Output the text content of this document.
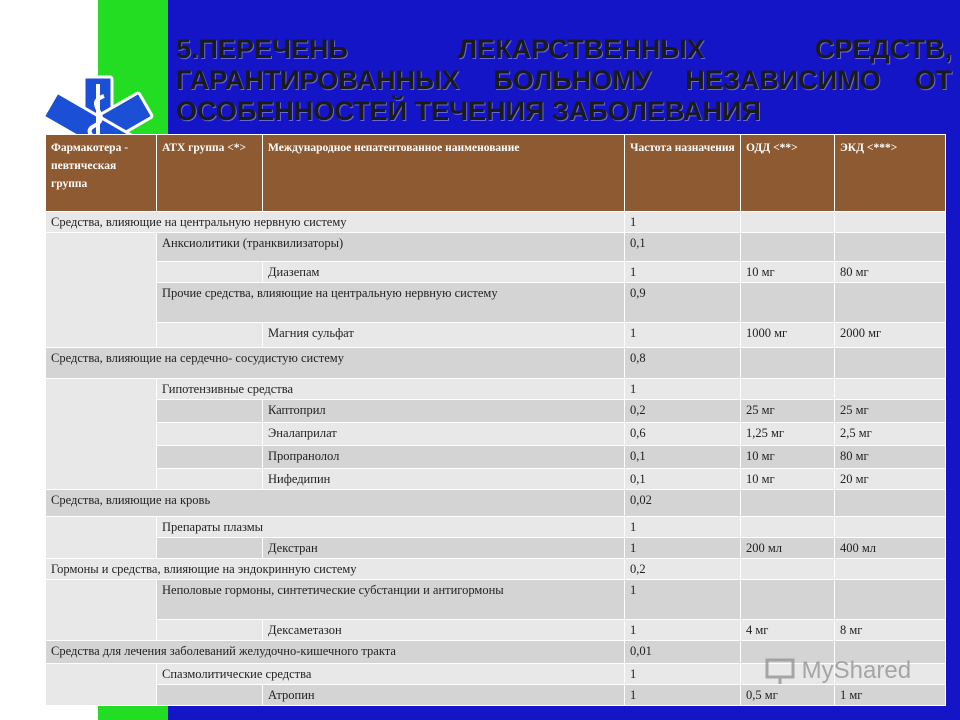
5.ПЕРЕЧЕНЬ ЛЕКАРСТВЕННЫХ СРЕДСТВ,
ГАРАНТИРОВАННЫХ БОЛЬНОМУ НЕЗАВИСИМО ОТ
ОСОБЕННОСТЕЙ ТЕЧЕНИЯ ЗАБОЛЕВАНИЯ
Фармакотера - певтическая группа	АТХ группа <*>	Международное непатентованное наименование	Частота назначения	ОДД <**>	ЭКД <***>
Средства, влияющие на центральную нервную систему			1		
	Анксиолитики (транквилизаторы)		0,1		
		Диазепам	1	10 мг	80 мг
	Прочие средства, влияющие на центральную нервную систему		0,9		
		Магния сульфат	1	1000 мг	2000 мг
Средства, влияющие на сердечно- сосудистую систему			0,8		
	Гипотензивные средства		1		
		Каптоприл	0,2	25 мг	25 мг
		Эналаприлат	0,6	1,25 мг	2,5 мг
		Пропранолол	0,1	10 мг	80 мг
		Нифедипин	0,1	10 мг	20 мг
Средства, влияющие на кровь			0,02		
	Препараты плазмы		1		
		Декстран	1	200 мл	400 мл
Гормоны и средства, влияющие на эндокринную систему			0,2		
	Неполовые гормоны, синтетические субстанции и антигормоны		1		
		Дексаметазон	1	4 мг	8 мг
Средства для лечения заболеваний желудочно-кишечного тракта			0,01		
	Спазмолитические средства		1		
		Атропин	1	0,5 мг	1 мг
MyShared
